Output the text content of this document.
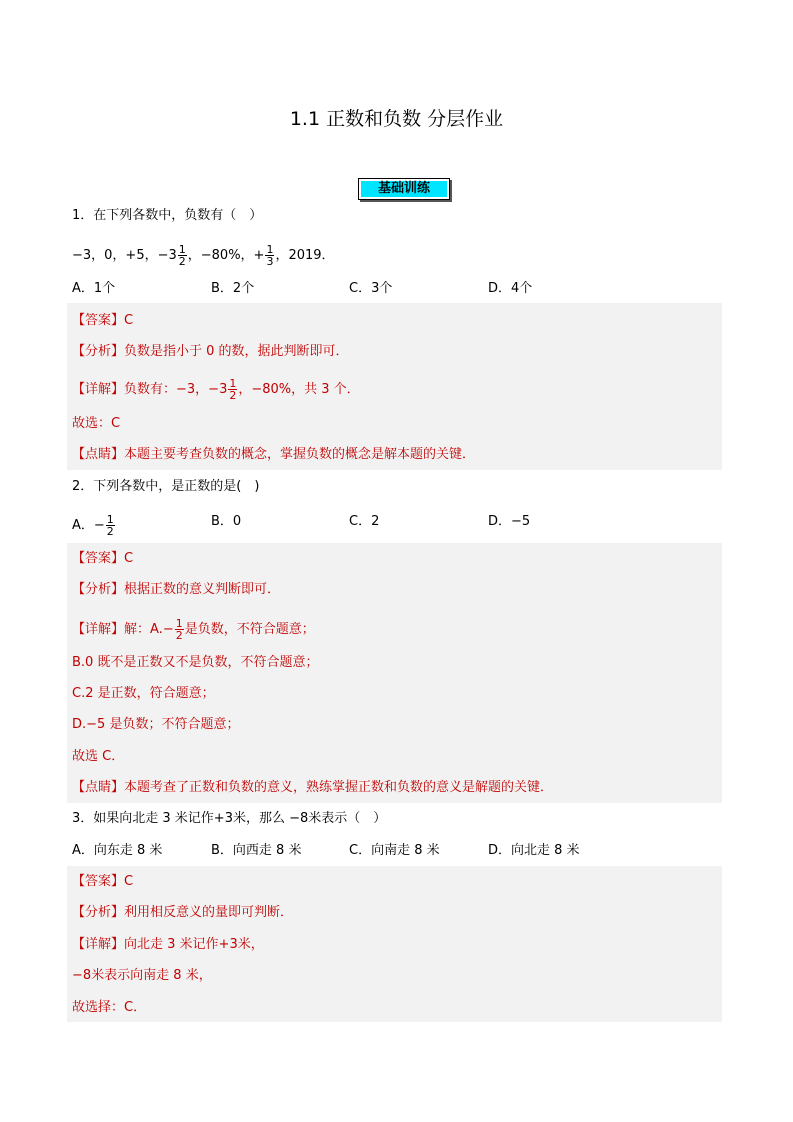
1.1 正数和负数 分层作业
基础训练
1．在下列各数中，负数有（　）
−3，0，+5，$-3 \frac{1}{2}$ ，−80%，+ $\frac{1}{3}$ ，2019．
A．1个	B．2个	C．3个	D．4个
【答案】C
【分析】负数是指小于 0 的数，据此判断即可．
【详解】负数有：−3，$-3 \frac{1}{2}$ ，−80%，共 3 个．
故选：C
【点睛】本题主要考查负数的概念，掌握负数的概念是解本题的关键．
2．下列各数中，是正数的是(　)
A．− $\frac{1}{2}$	B．0	C．2	D．−5
【答案】C
【分析】根据正数的意义判断即可．
【详解】解：$A.- \frac{1}{2}$ 是负数，不符合题意；
B.0 既不是正数又不是负数，不符合题意；
C.2 是正数，符合题意；
D.−5 是负数；不符合题意；
故选 C．
【点睛】本题考查了正数和负数的意义，熟练掌握正数和负数的意义是解题的关键．
3．如果向北走 3 米记作+3米，那么 −8米表示（　）
A．向东走 8 米	B．向西走 8 米	C．向南走 8 米	D．向北走 8 米
【答案】C
【分析】利用相反意义的量即可判断．
【详解】向北走 3 米记作+3米，
−8米表示向南走 8 米，
故选择：C．
